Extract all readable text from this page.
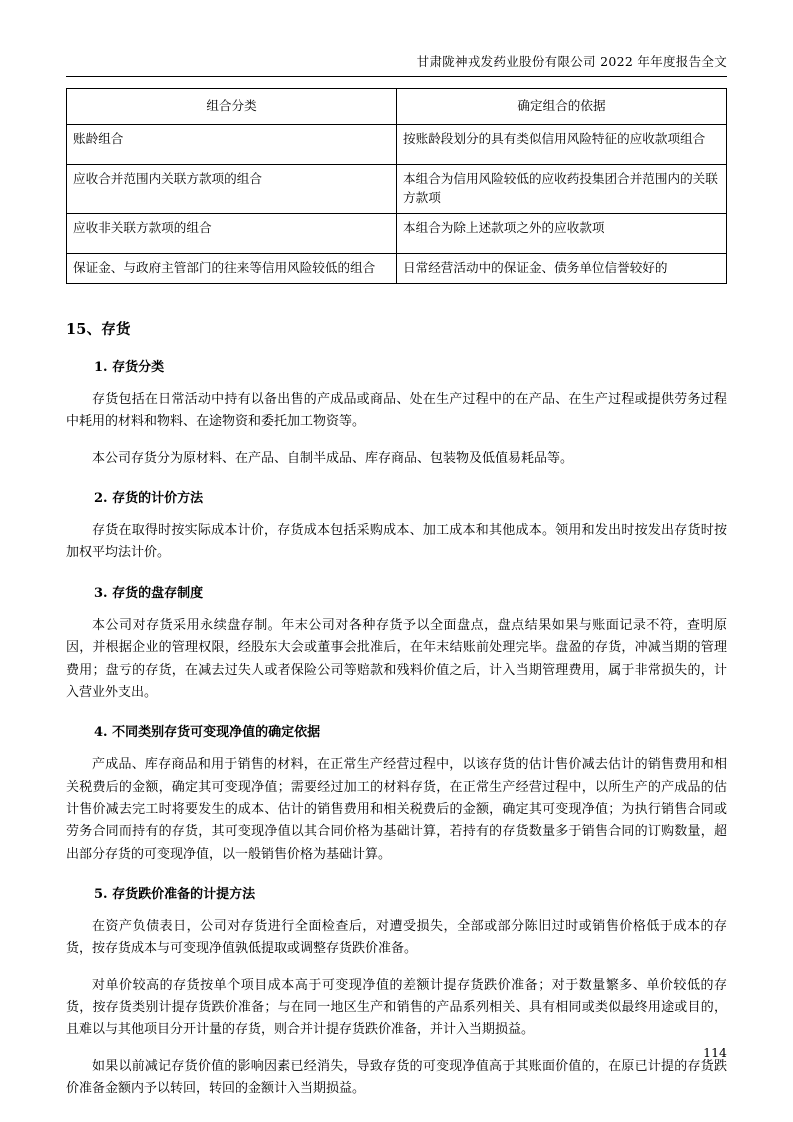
甘肃陇神戎发药业股份有限公司 2022 年年度报告全文
组合分类	确定组合的依据
账龄组合	按账龄段划分的具有类似信用风险特征的应收款项组合
应收合并范围内关联方款项的组合	本组合为信用风险较低的应收药投集团合并范围内的关联方款项
应收非关联方款项的组合	本组合为除上述款项之外的应收款项
保证金、与政府主管部门的往来等信用风险较低的组合	日常经营活动中的保证金、债务单位信誉较好的
15、存货
1. 存货分类

存货包括在日常活动中持有以备出售的产成品或商品、处在生产过程中的在产品、在生产过程或提供劳务过程中耗用的材料和物料、在途物资和委托加工物资等。

本公司存货分为原材料、在产品、自制半成品、库存商品、包装物及低值易耗品等。

2. 存货的计价方法

存货在取得时按实际成本计价，存货成本包括采购成本、加工成本和其他成本。领用和发出时按发出存货时按加权平均法计价。

3. 存货的盘存制度

本公司对存货采用永续盘存制。年末公司对各种存货予以全面盘点，盘点结果如果与账面记录不符，查明原因，并根据企业的管理权限，经股东大会或董事会批准后，在年末结账前处理完毕。盘盈的存货，冲减当期的管理费用；盘亏的存货，在减去过失人或者保险公司等赔款和残料价值之后，计入当期管理费用，属于非常损失的，计入营业外支出。

4. 不同类别存货可变现净值的确定依据

产成品、库存商品和用于销售的材料，在正常生产经营过程中，以该存货的估计售价减去估计的销售费用和相关税费后的金额，确定其可变现净值；需要经过加工的材料存货，在正常生产经营过程中，以所生产的产成品的估计售价减去完工时将要发生的成本、估计的销售费用和相关税费后的金额，确定其可变现净值；为执行销售合同或劳务合同而持有的存货，其可变现净值以其合同价格为基础计算，若持有的存货数量多于销售合同的订购数量，超出部分存货的可变现净值，以一般销售价格为基础计算。

5. 存货跌价准备的计提方法

在资产负债表日，公司对存货进行全面检查后，对遭受损失，全部或部分陈旧过时或销售价格低于成本的存货，按存货成本与可变现净值孰低提取或调整存货跌价准备。

对单价较高的存货按单个项目成本高于可变现净值的差额计提存货跌价准备；对于数量繁多、单价较低的存货，按存货类别计提存货跌价准备；与在同一地区生产和销售的产品系列相关、具有相同或类似最终用途或目的，且难以与其他项目分开计量的存货，则合并计提存货跌价准备，并计入当期损益。

如果以前减记存货价值的影响因素已经消失，导致存货的可变现净值高于其账面价值的，在原已计提的存货跌价准备金额内予以转回，转回的金额计入当期损益。

114
